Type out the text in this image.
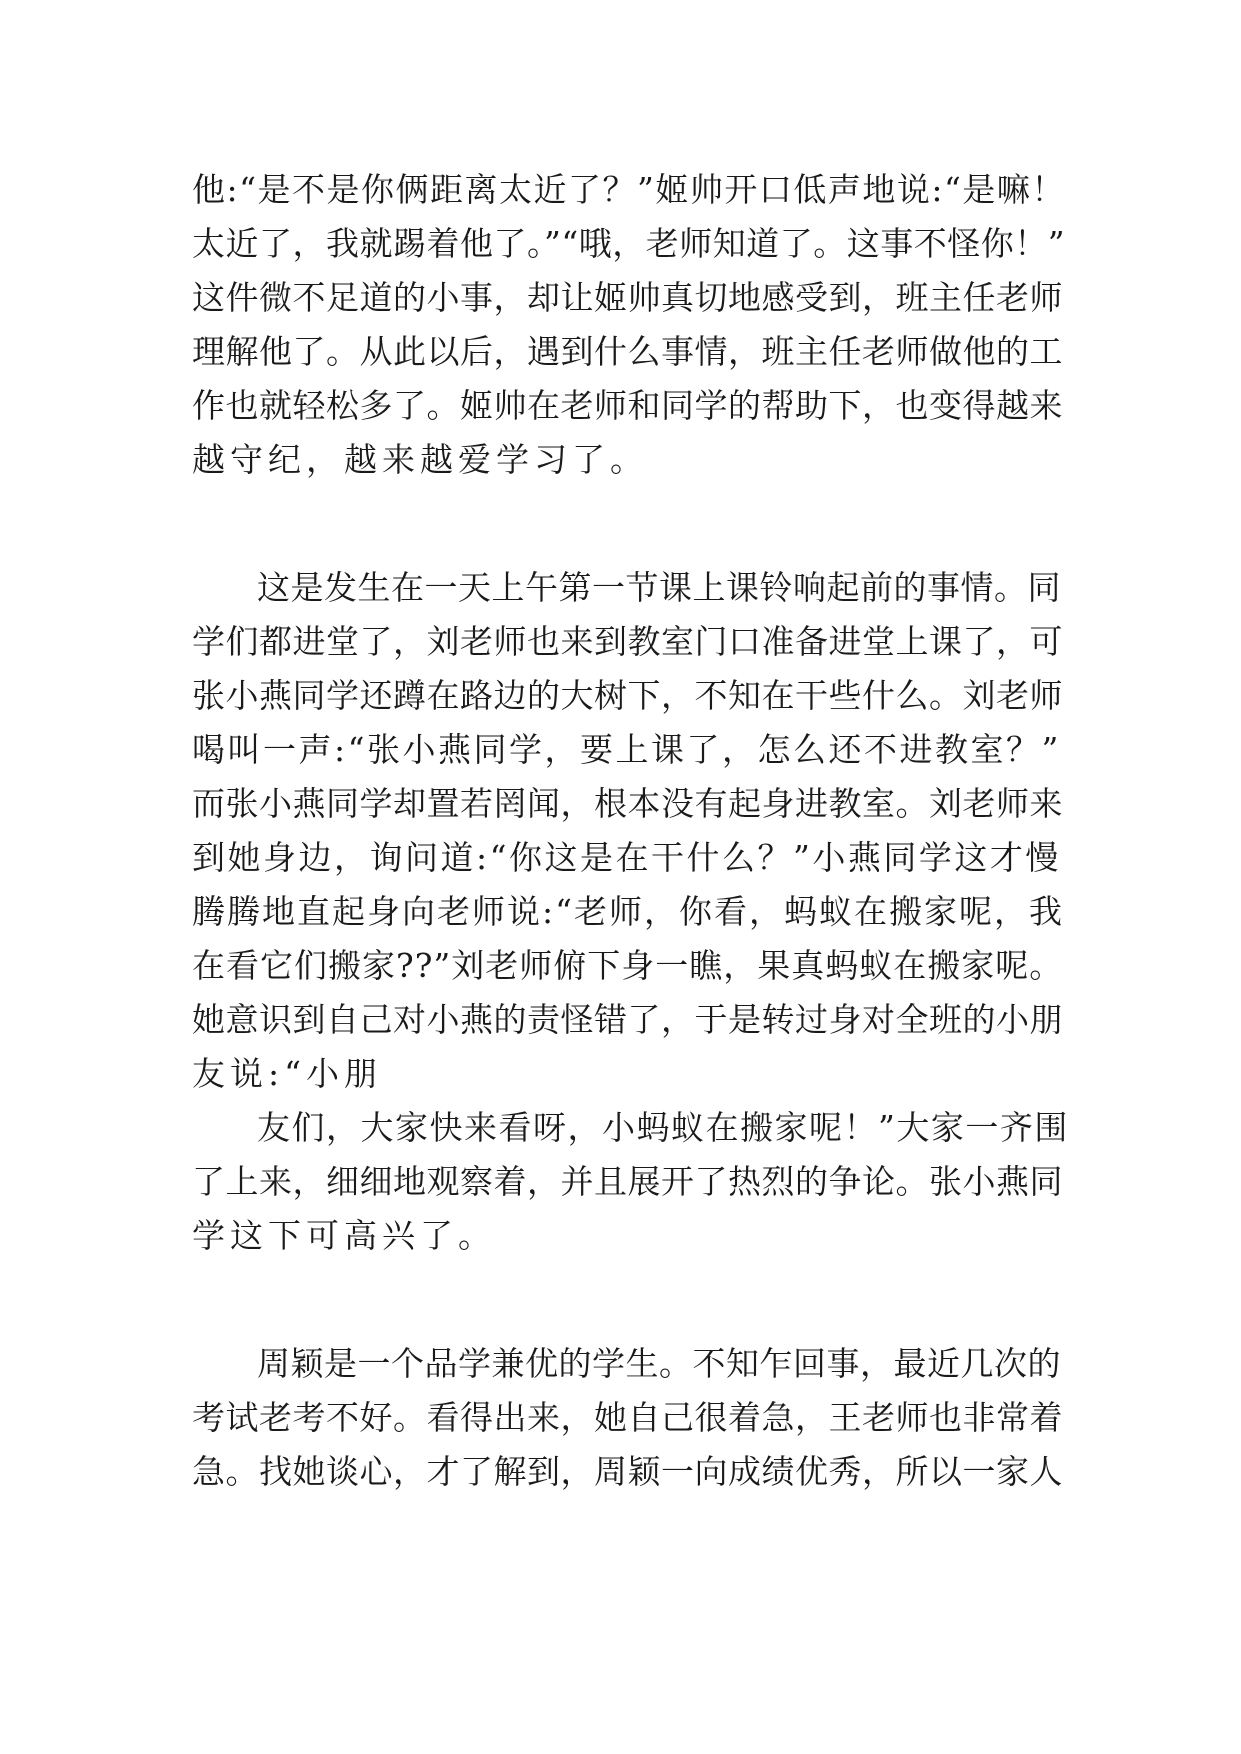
他:“是不是你俩距离太近了？”姬帅开口低声地说:“是嘛！
太近了，我就踢着他了。”“哦，老师知道了。这事不怪你！”
这件微不足道的小事，却让姬帅真切地感受到，班主任老师
理解他了。从此以后，遇到什么事情，班主任老师做他的工
作也就轻松多了。姬帅在老师和同学的帮助下，也变得越来
越守纪，越来越爱学习了。
这是发生在一天上午第一节课上课铃响起前的事情。同
学们都进堂了，刘老师也来到教室门口准备进堂上课了，可
张小燕同学还蹲在路边的大树下，不知在干些什么。刘老师
喝叫一声:“张小燕同学，要上课了，怎么还不进教室？”
而张小燕同学却置若罔闻，根本没有起身进教室。刘老师来
到她身边，询问道:“你这是在干什么？”小燕同学这才慢
腾腾地直起身向老师说:“老师，你看，蚂蚁在搬家呢，我
在看它们搬家??”刘老师俯下身一瞧，果真蚂蚁在搬家呢。
她意识到自己对小燕的责怪错了，于是转过身对全班的小朋
友说:“小朋
友们，大家快来看呀，小蚂蚁在搬家呢！”大家一齐围
了上来，细细地观察着，并且展开了热烈的争论。张小燕同
学这下可高兴了。
周颖是一个品学兼优的学生。不知乍回事，最近几次的
考试老考不好。看得出来，她自己很着急，王老师也非常着
急。找她谈心，才了解到，周颖一向成绩优秀，所以一家人
